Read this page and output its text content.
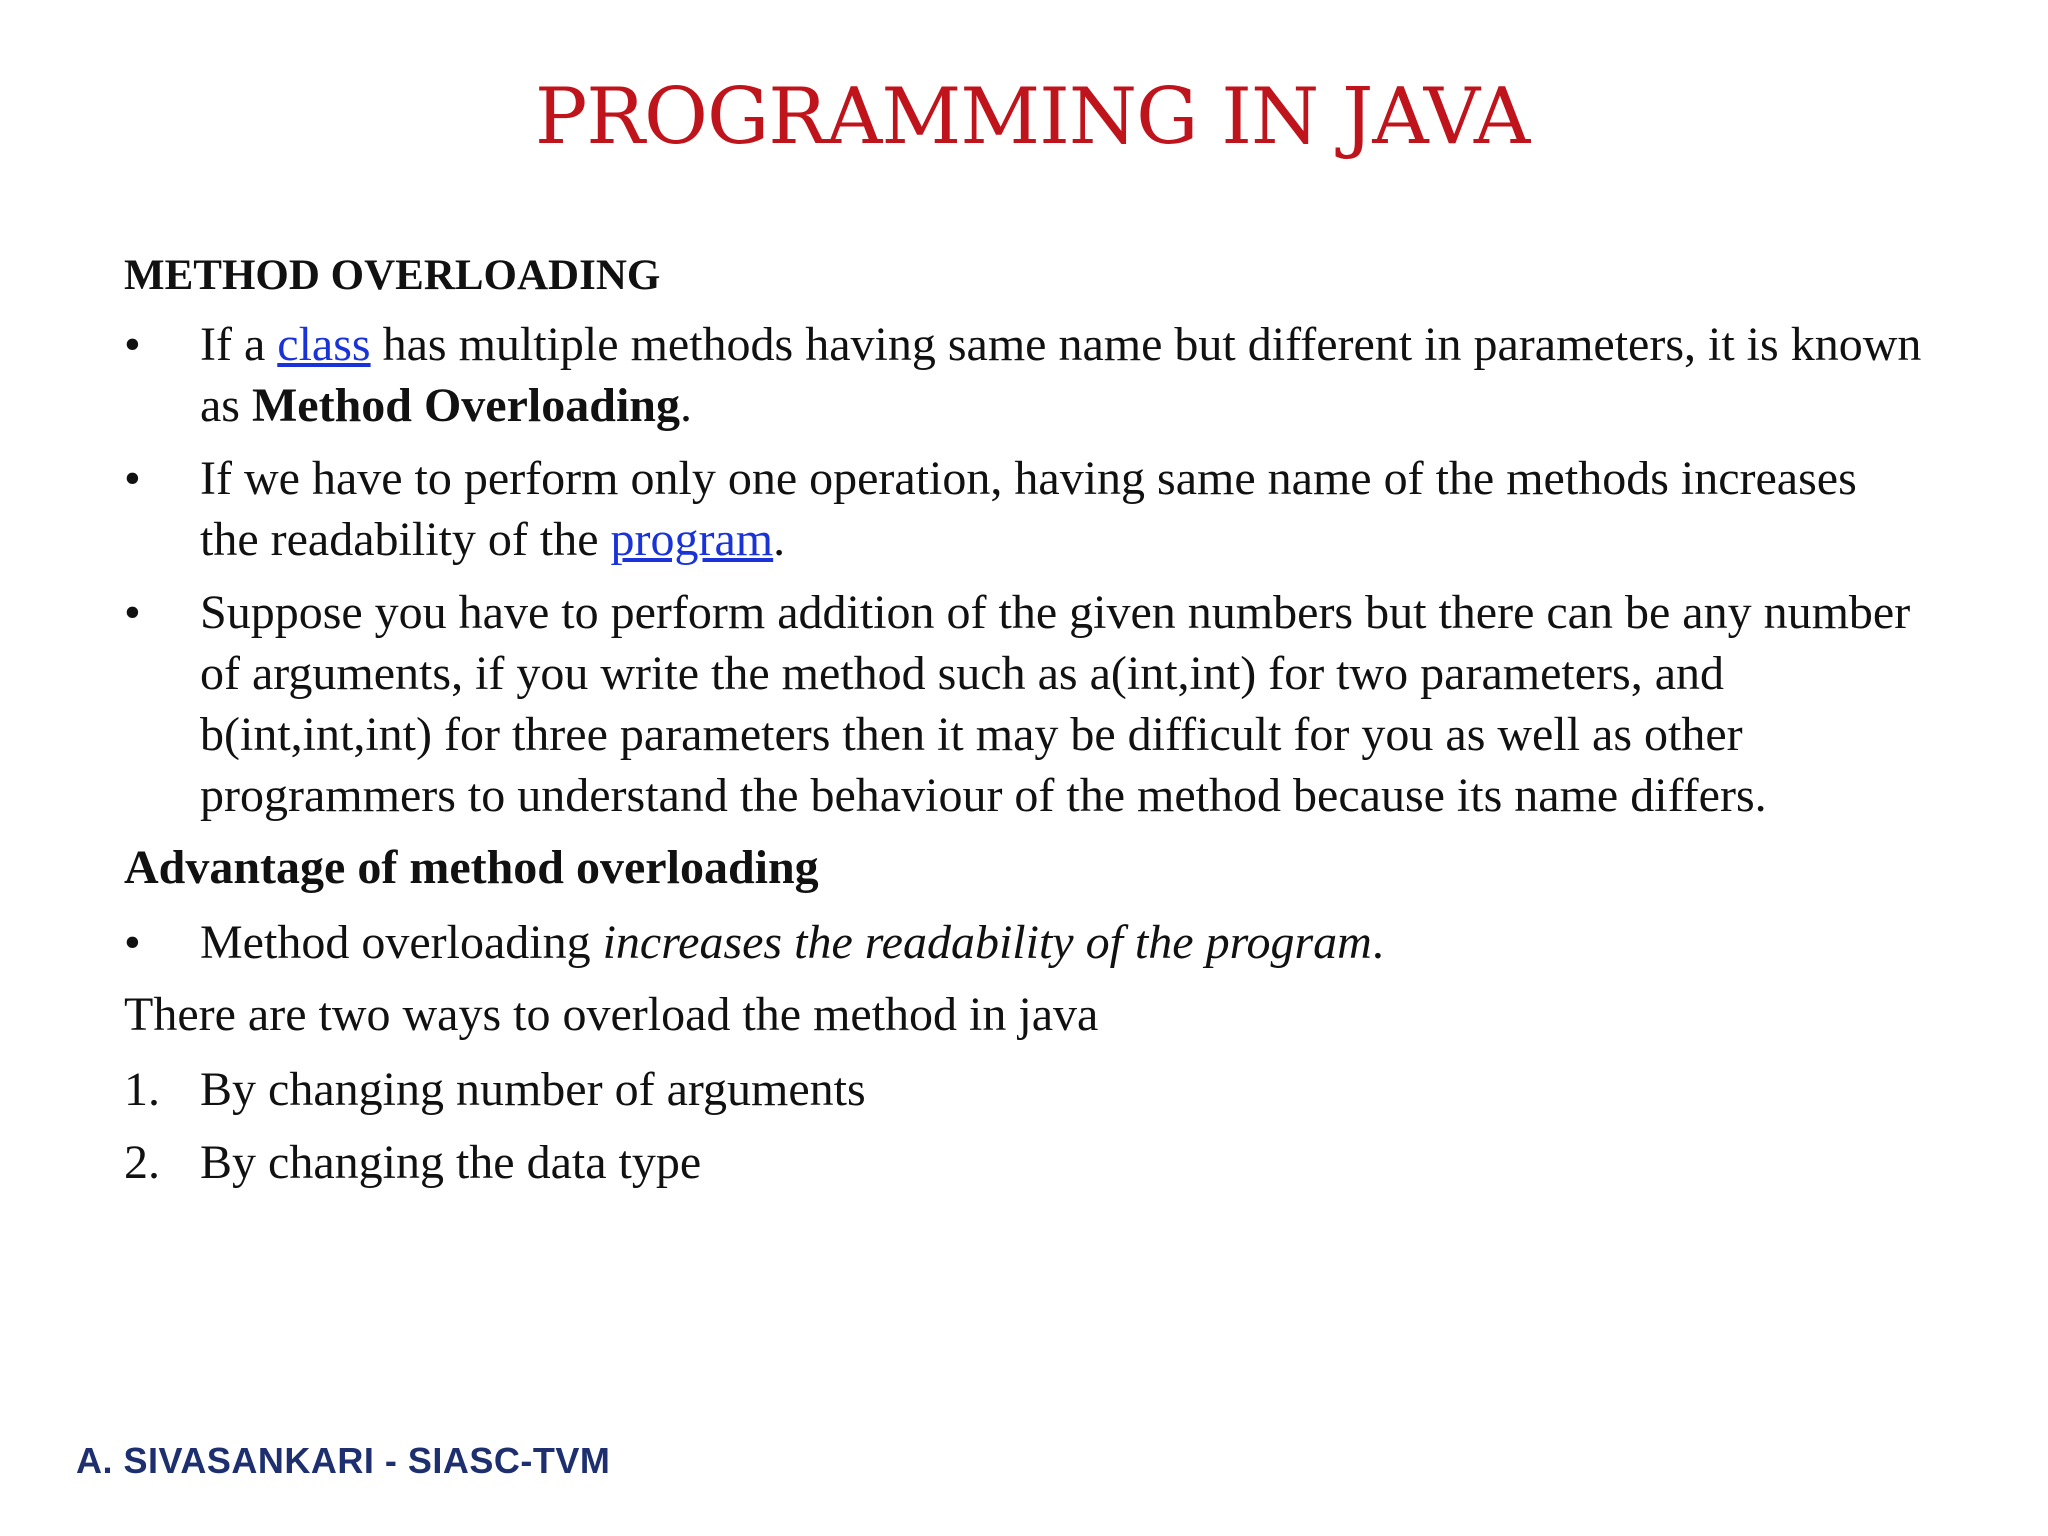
PROGRAMMING IN JAVA
METHOD OVERLOADING
• If a class has multiple methods having same name but different in parameters, it is known as Method Overloading.
• If we have to perform only one operation, having same name of the methods increases the readability of the program.
• Suppose you have to perform addition of the given numbers but there can be any number of arguments, if you write the method such as a(int,int) for two parameters, and b(int,int,int) for three parameters then it may be difficult for you as well as other programmers to understand the behaviour of the method because its name differs.
Advantage of method overloading
• Method overloading increases the readability of the program.
There are two ways to overload the method in java
1. By changing number of arguments
2. By changing the data type
A. SIVASANKARI - SIASC-TVM
